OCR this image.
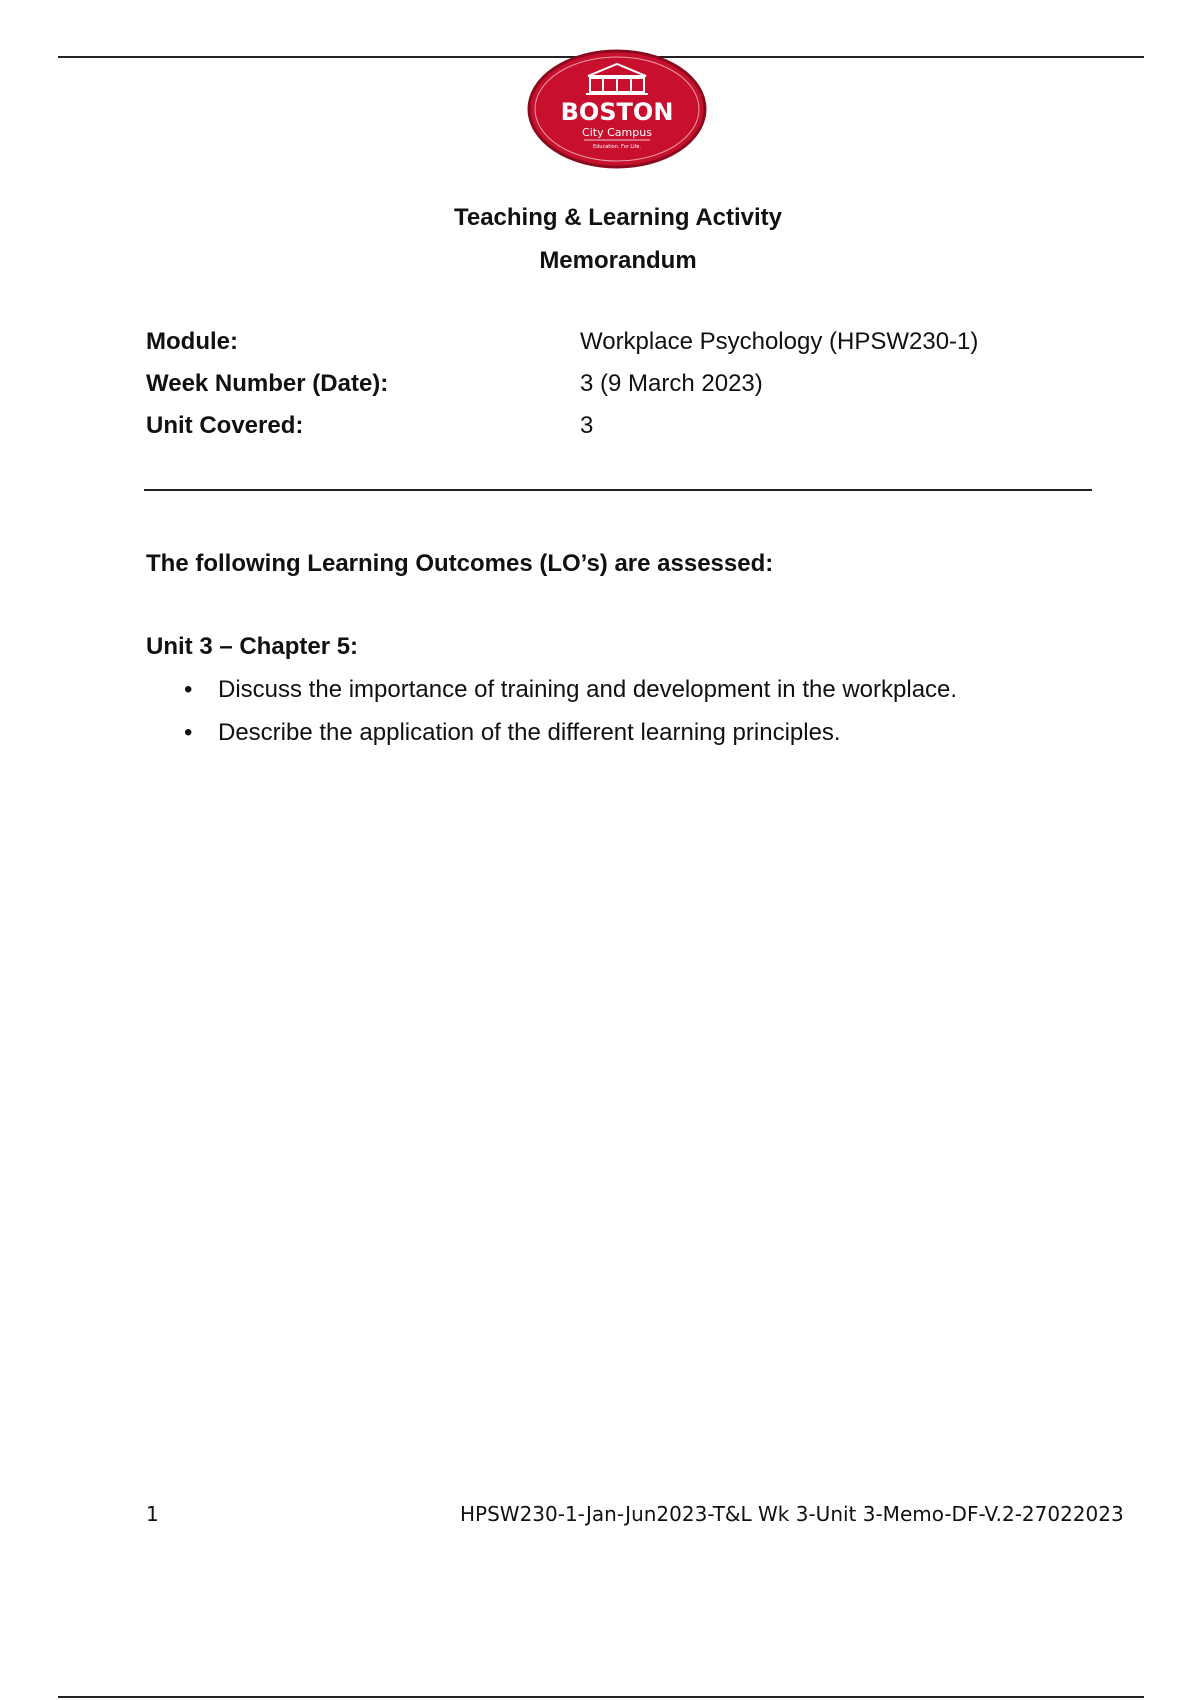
BOSTON
City Campus
Education. For Life.
Teaching & Learning Activity
Memorandum
Module:	Workplace Psychology (HPSW230-1)
Week Number (Date):	3 (9 March 2023)
Unit Covered:	3
The following Learning Outcomes (LO’s) are assessed:
Unit 3 – Chapter 5:
• Discuss the importance of training and development in the workplace.
• Describe the application of the different learning principles.
1	HPSW230-1-Jan-Jun2023-T&L Wk 3-Unit 3-Memo-DF-V.2-27022023
